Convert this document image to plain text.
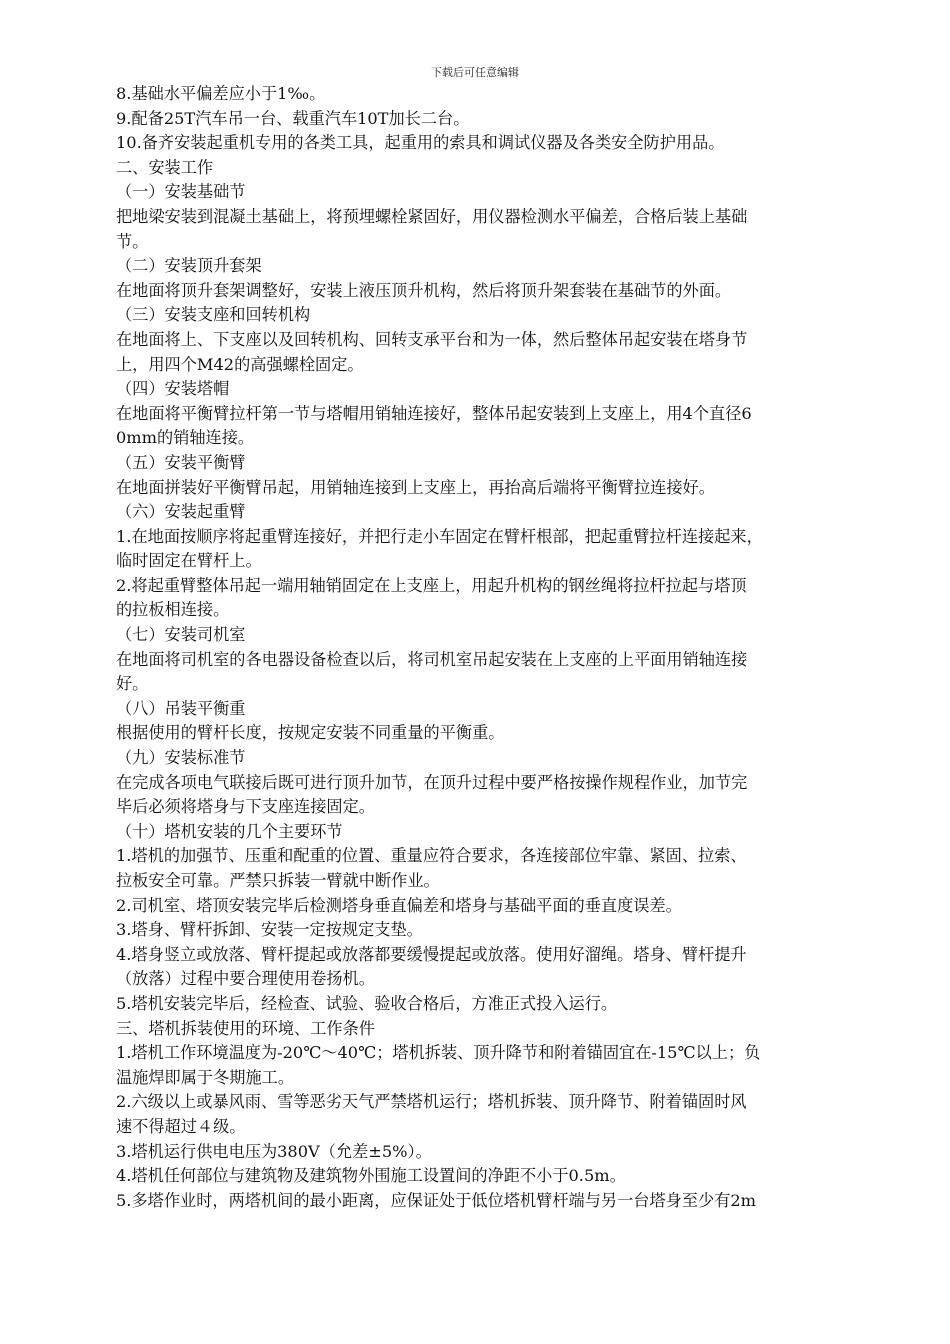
下载后可任意编辑
8.基础水平偏差应小于1‰。
9.配备25T汽车吊一台、载重汽车10T加长二台。
10.备齐安装起重机专用的各类工具，起重用的索具和调试仪器及各类安全防护用品。
二、安装工作
（一）安装基础节
把地梁安装到混凝土基础上，将预埋螺栓紧固好，用仪器检测水平偏差，合格后装上基础
节。
（二）安装顶升套架
在地面将顶升套架调整好，安装上液压顶升机构，然后将顶升架套装在基础节的外面。
（三）安装支座和回转机构
在地面将上、下支座以及回转机构、回转支承平台和为一体，然后整体吊起安装在塔身节
上，用四个M42的高强螺栓固定。
（四）安装塔帽
在地面将平衡臂拉杆第一节与塔帽用销轴连接好，整体吊起安装到上支座上，用4个直径6
0mm的销轴连接。
（五）安装平衡臂
在地面拼装好平衡臂吊起，用销轴连接到上支座上，再抬高后端将平衡臂拉连接好。
（六）安装起重臂
1.在地面按顺序将起重臂连接好，并把行走小车固定在臂杆根部，把起重臂拉杆连接起来，
临时固定在臂杆上。
2.将起重臂整体吊起一端用轴销固定在上支座上，用起升机构的钢丝绳将拉杆拉起与塔顶
的拉板相连接。
（七）安装司机室
在地面将司机室的各电器设备检查以后，将司机室吊起安装在上支座的上平面用销轴连接
好。
（八）吊装平衡重
根据使用的臂杆长度，按规定安装不同重量的平衡重。
（九）安装标准节
在完成各项电气联接后既可进行顶升加节，在顶升过程中要严格按操作规程作业，加节完
毕后必须将塔身与下支座连接固定。
（十）塔机安装的几个主要环节
1.塔机的加强节、压重和配重的位置、重量应符合要求，各连接部位牢靠、紧固、拉索、
拉板安全可靠。严禁只拆装一臂就中断作业。
2.司机室、塔顶安装完毕后检测塔身垂直偏差和塔身与基础平面的垂直度误差。
3.塔身、臂杆拆卸、安装一定按规定支垫。
4.塔身竖立或放落、臂杆提起或放落都要缓慢提起或放落。使用好溜绳。塔身、臂杆提升
（放落）过程中要合理使用卷扬机。
5.塔机安装完毕后，经检查、试验、验收合格后，方准正式投入运行。
三、塔机拆装使用的环境、工作条件
1.塔机工作环境温度为-20℃～40℃；塔机拆装、顶升降节和附着锚固宜在-15℃以上；负
温施焊即属于冬期施工。
2.六级以上或暴风雨、雪等恶劣天气严禁塔机运行；塔机拆装、顶升降节、附着锚固时风
速不得超过４级。
3.塔机运行供电电压为380V（允差±5%）。
4.塔机任何部位与建筑物及建筑物外围施工设置间的净距不小于0.5m。
5.多塔作业时，两塔机间的最小距离，应保证处于低位塔机臂杆端与另一台塔身至少有2m
